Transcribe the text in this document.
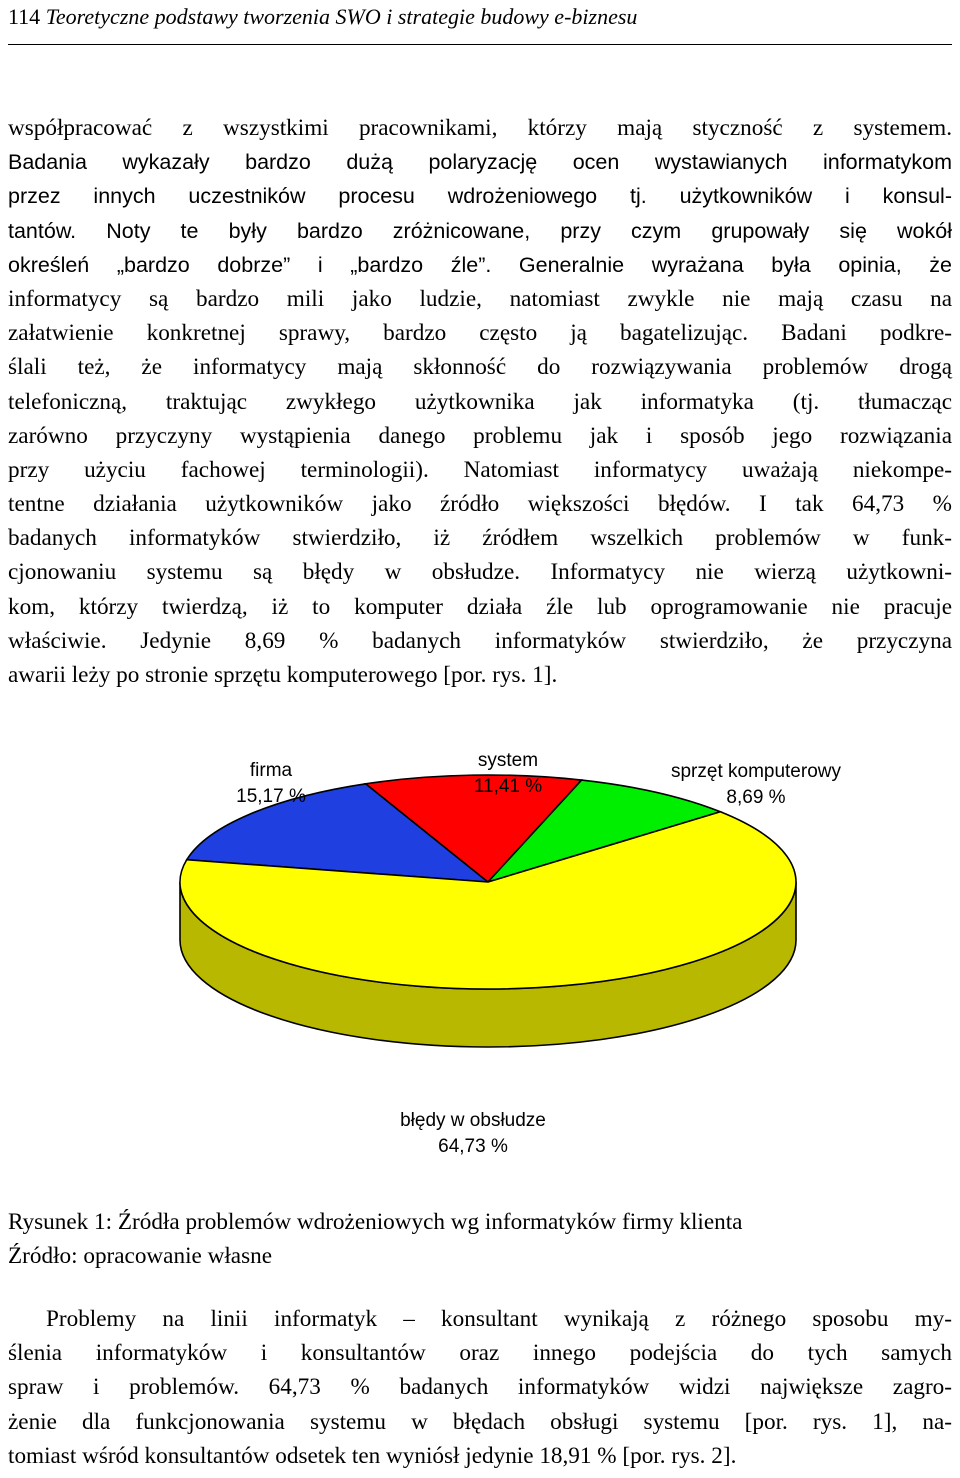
114 Teoretyczne podstawy tworzenia SWO i strategie budowy e-biznesu
współpracować z wszystkimi pracownikami, którzy mają styczność z systemem.
Badania wykazały bardzo dużą polaryzację ocen wystawianych informatykom
przez innych uczestników procesu wdrożeniowego tj. użytkowników i konsul-
tantów. Noty te były bardzo zróżnicowane, przy czym grupowały się wokół
określeń „bardzo dobrze” i „bardzo źle”. Generalnie wyrażana była opinia, że
informatycy są bardzo mili jako ludzie, natomiast zwykle nie mają czasu na
załatwienie konkretnej sprawy, bardzo często ją bagatelizując. Badani podkre-
ślali też, że informatycy mają skłonność do rozwiązywania problemów drogą
telefoniczną, traktując zwykłego użytkownika jak informatyka (tj. tłumacząc
zarówno przyczyny wystąpienia danego problemu jak i sposób jego rozwiązania
przy użyciu fachowej terminologii). Natomiast informatycy uważają niekompe-
tentne działania użytkowników jako źródło większości błędów. I tak 64,73 %
badanych informatyków stwierdziło, iż źródłem wszelkich problemów w funk-
cjonowaniu systemu są błędy w obsłudze. Informatycy nie wierzą użytkowni-
kom, którzy twierdzą, iż to komputer działa źle lub oprogramowanie nie pracuje
właściwie. Jedynie 8,69 % badanych informatyków stwierdziło, że przyczyna
awarii leży po stronie sprzętu komputerowego [por. rys. 1].
firma
15,17 %
system
11,41 %
sprzęt komputerowy
8,69 %
błędy w obsłudze
64,73 %
Rysunek 1: Źródła problemów wdrożeniowych wg informatyków firmy klienta
Źródło: opracowanie własne
Problemy na linii informatyk – konsultant wynikają z różnego sposobu my-
ślenia informatyków i konsultantów oraz innego podejścia do tych samych
spraw i problemów. 64,73 % badanych informatyków widzi największe zagro-
żenie dla funkcjonowania systemu w błędach obsługi systemu [por. rys. 1], na-
tomiast wśród konsultantów odsetek ten wyniósł jedynie 18,91 % [por. rys. 2].
